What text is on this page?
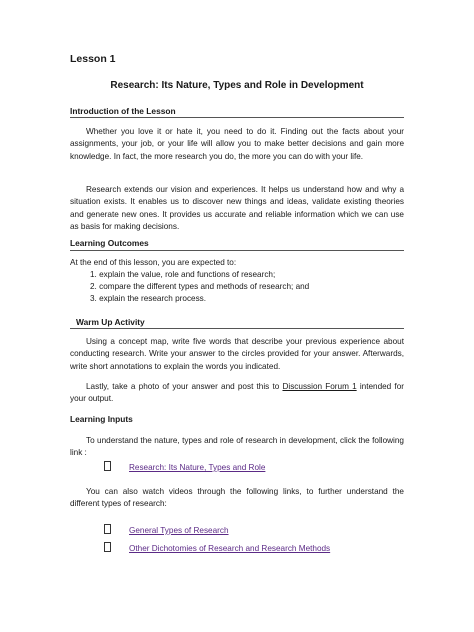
Lesson 1
Research: Its Nature, Types and Role in Development
Introduction of the Lesson
Whether you love it or hate it, you need to do it. Finding out the facts about your assignments, your job, or your life will allow you to make better decisions and gain more knowledge. In fact, the more research you do, the more you can do with your life.
Research extends our vision and experiences. It helps us understand how and why a situation exists. It enables us to discover new things and ideas, validate existing theories and generate new ones. It provides us accurate and reliable information which we can use as basis for making decisions.
Learning Outcomes
At the end of this lesson, you are expected to:
1. explain the value, role and functions of research;
2. compare the different types and methods of research; and
3. explain the research process.
Warm Up Activity
Using a concept map, write five words that describe your previous experience about conducting research. Write your answer to the circles provided for your answer. Afterwards, write short annotations to explain the words you indicated.
Lastly, take a photo of your answer and post this to Discussion Forum 1 intended for your output.
Learning Inputs
To understand the nature, types and role of research in development, click the following link :
Research: Its Nature, Types and Role
You can also watch videos through the following links, to further understand the different types of research:
General Types of Research
Other Dichotomies of Research and Research Methods
